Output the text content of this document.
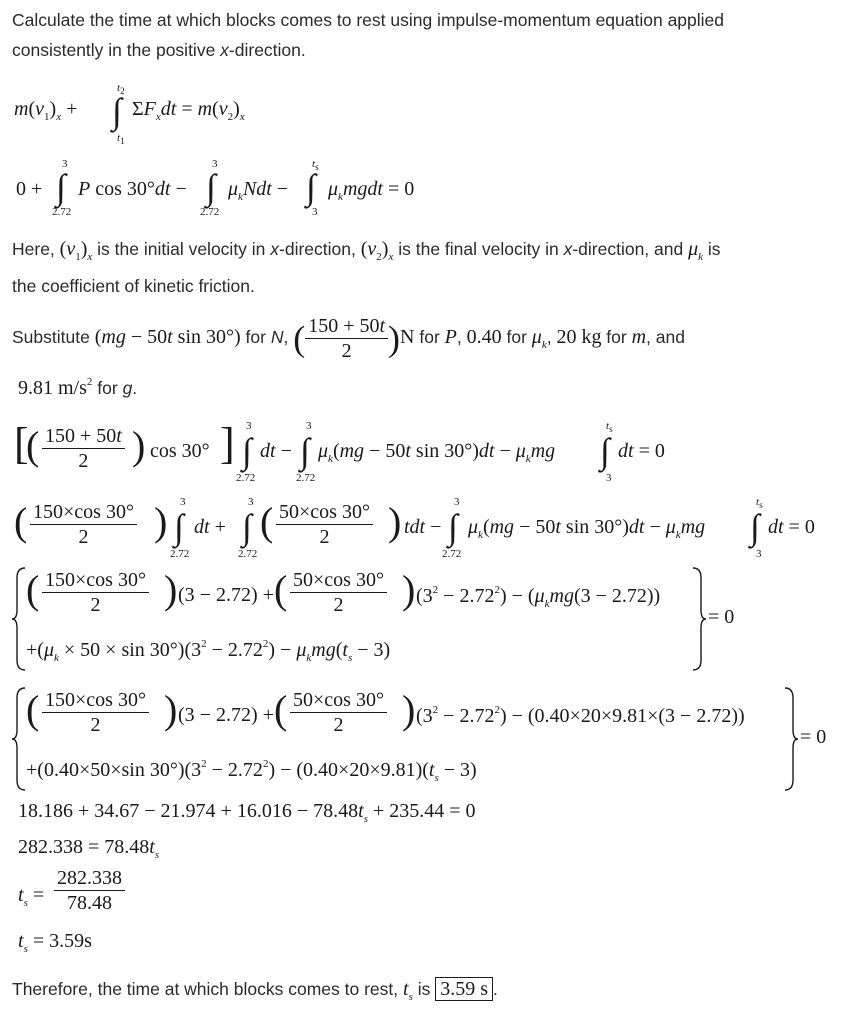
Calculate the time at which blocks comes to rest using impulse-momentum equation applied
consistently in the positive x-direction.
$m(v_1)_x$ + ∫
$t_2$
$t_1$
$\Sigma F_xdt = m(v_2)_x$
0 + ∫
3
2.72
P cos 30°dt − ∫
3
2.72
$\mu_kNdt$ − ∫
$t_s$
3
$\mu_kmgdt = 0$
Here, $(v_1)_x$ is the initial velocity in x-direction, $(v_2)_x$ is the final velocity in x-direction, and $\mu_k$ is
the coefficient of kinetic friction.
Substitute (mg − 50t sin 30°) for N, ( $\frac{150 + 50t}{2} )N$ for P, 0.40 for $\mu_k$, 20 kg for m, and
9.81 $m/s^2$ for g.
[
( $\frac{150 + 50t}{2}$ ) cos 30° ] 3
∫
2.72
dt −
3
∫
2.72
$\mu_k(mg - 50t$ $\sin 30^\circ)dt - \mu_kmg$
$t_s$
∫
3
dt = 0
( $\frac{150\times\cos 30^\circ}{2}$ ) 3
∫
2.72
dt +
3
∫
2.72
( $\frac{50\times\cos 30^\circ}{2}$ ) tdt −
3
∫
2.72
$\mu_k(mg - 50t$ $\sin 30^\circ)dt - \mu_kmg$
$t_s$
∫
3
dt = 0
( $\frac{150\times\cos 30^\circ}{2}$ ) (3 − 2.72) + ( $\frac{50\times\cos 30^\circ}{2}$ ) $(3^2 - 2.72^2) - (\mu_kmg(3 - 2.72))$
$+(\mu_k \times 50 \times \sin 30^\circ)(3^2 - 2.72^2) - \mu_kmg(t_s - 3)$
= 0
( $\frac{150\times\cos 30^\circ}{2}$ ) (3 − 2.72) + ( $\frac{50\times\cos 30^\circ}{2}$ ) $(3^2 - 2.72^2) - (0.40\times 20\times 9.81\times(3 - 2.72))$
+(0.40×50×sin $30^\circ)(3^2 - 2.72^2) - (0.40\times 20\times 9.81)(t_s - 3)$
= 0
$18.186 + 34.67 - 21.974 + 16.016 - 78.48t_s + 235.44 = 0$
$282.338 = 78.48t_s$
$t_s = \frac{282.338}{78.48}$
$t_s = 3.59s$
Therefore, the time at which blocks comes to rest, $t_s$ is 3.59 s .
